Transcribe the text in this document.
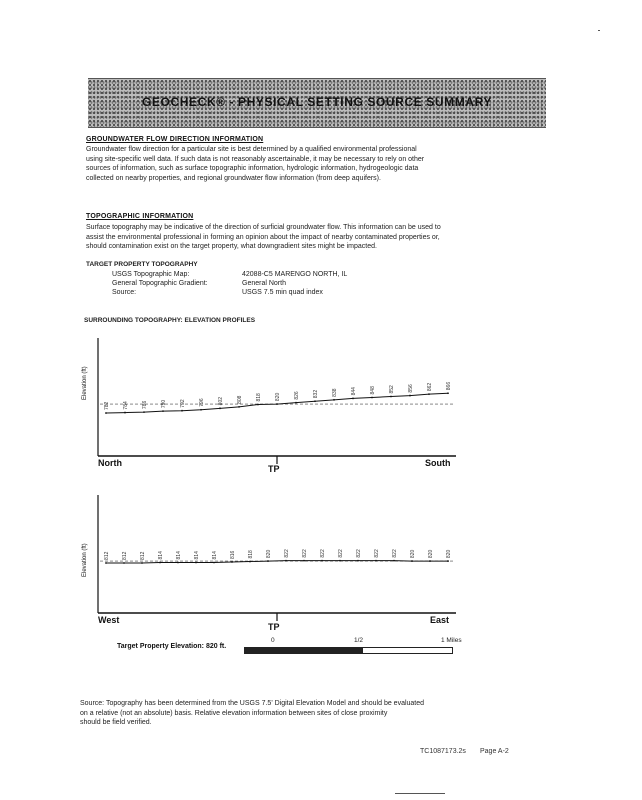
GEOCHECK® - PHYSICAL SETTING SOURCE SUMMARY
GROUNDWATER FLOW DIRECTION INFORMATION
Groundwater flow direction for a particular site is best determined by a qualified environmental professional
using site-specific well data. If such data is not reasonably ascertainable, it may be necessary to rely on other
sources of information, such as surface topographic information, hydrologic information, hydrogeologic data
collected on nearby properties, and regional groundwater flow information (from deep aquifers).
TOPOGRAPHIC INFORMATION
Surface topography may be indicative of the direction of surficial groundwater flow. This information can be used to
assist the environmental professional in forming an opinion about the impact of nearby contaminated properties or,
should contamination exist on the target property, what downgradient sites might be impacted.
TARGET PROPERTY TOPOGRAPHY
USGS Topographic Map:	42088-C5 MARENGO NORTH, IL
General Topographic Gradient:	General North
Source:	USGS 7.5 min quad index
SURROUNDING TOPOGRAPHY: ELEVATION PROFILES
782	784	786	790	792	796	802	808	818	820	826	832	838	844	848	852	856	862	866
Elevation (ft)
North	South
TP
812 812 812 814 814 814 814 816 818 820 822 822 822 822 822 822 822 820 820 820
Elevation (ft)
West	East
TP
Target Property Elevation: 820 ft.
0	1/2	1 Miles
Source: Topography has been determined from the USGS 7.5' Digital Elevation Model and should be evaluated
on a relative (not an absolute) basis. Relative elevation information between sites of close proximity
should be field verified.
TC1087173.2s Page A-2
